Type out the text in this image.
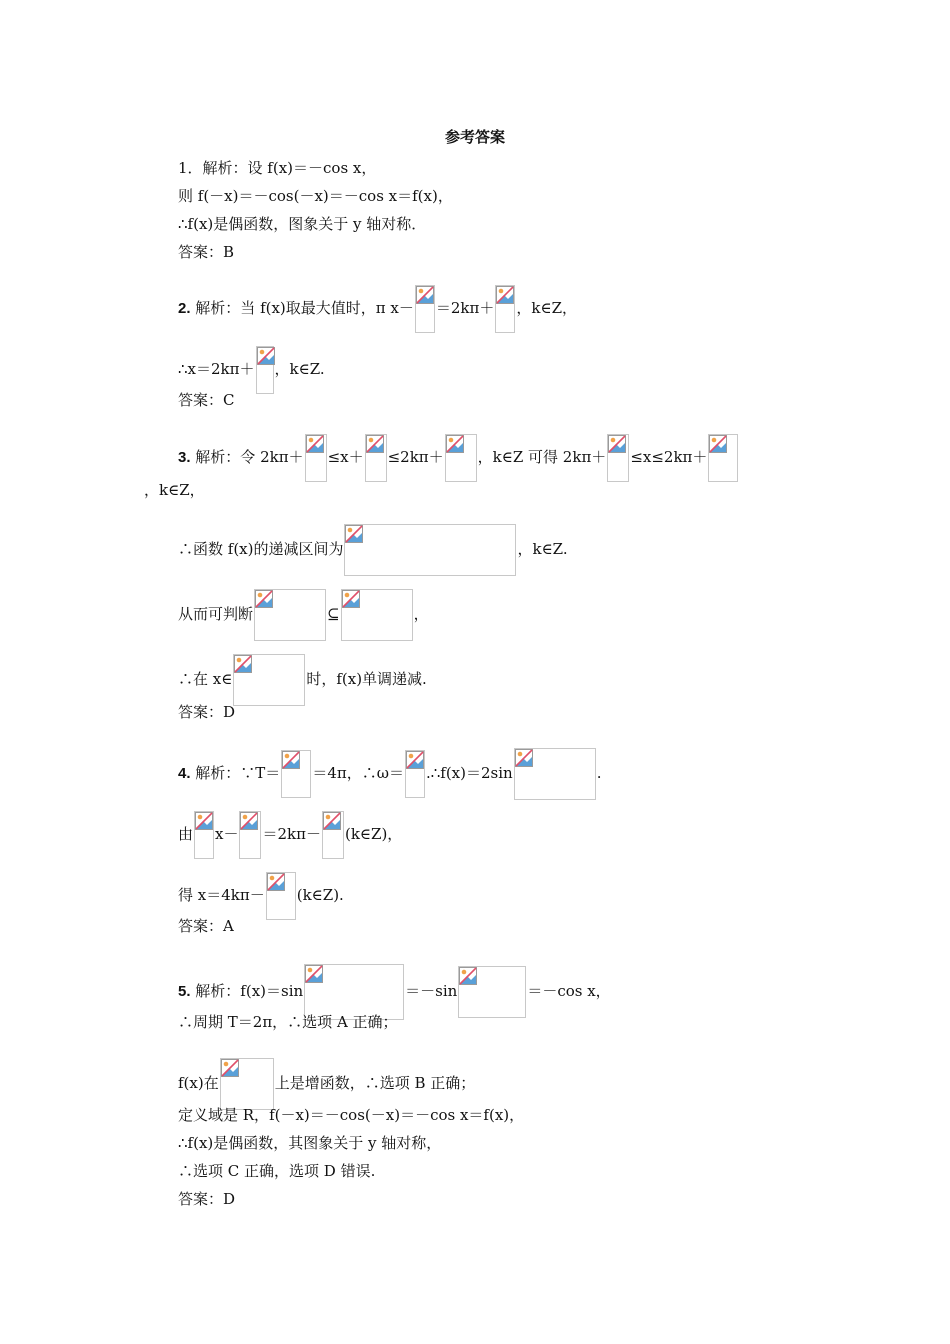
参考答案
1．解析：设 f(x)＝－cos x，
则 f(－x)＝－cos(－x)＝－cos x＝f(x)，
∴f(x)是偶函数，图象关于 y 轴对称．
答案：B
2. 解析：当 f(x)取最大值时，π x－ ＝2kπ＋ ，k∈Z，
∴x＝2kπ＋ ，k∈Z.
答案：C
3. 解析：令 2kπ＋ ≤x＋ ≤2kπ＋ ，k∈Z 可得 2kπ＋ ≤x≤2kπ＋
，k∈Z，
∴函数 f(x)的递减区间为	，k∈Z.
从而可判断	⊆	，
∴在 x∈	时，f(x)单调递减.
答案：D
4. 解析：∵T＝ ＝4π，∴ω＝ .∴f(x)＝2sin	.
由 x－ ＝2kπ－ (k∈Z)，
得 x＝4kπ－ (k∈Z).
答案：A
5. 解析：f(x)＝sin	＝－sin	＝－cos x，
∴周期 T＝2π，∴选项 A 正确；
f(x)在	上是增函数，∴选项 B 正确；
定义域是 R，f(－x)＝－cos(－x)＝－cos x＝f(x)，
∴f(x)是偶函数，其图象关于 y 轴对称，
∴选项 C 正确，选项 D 错误.
答案：D
